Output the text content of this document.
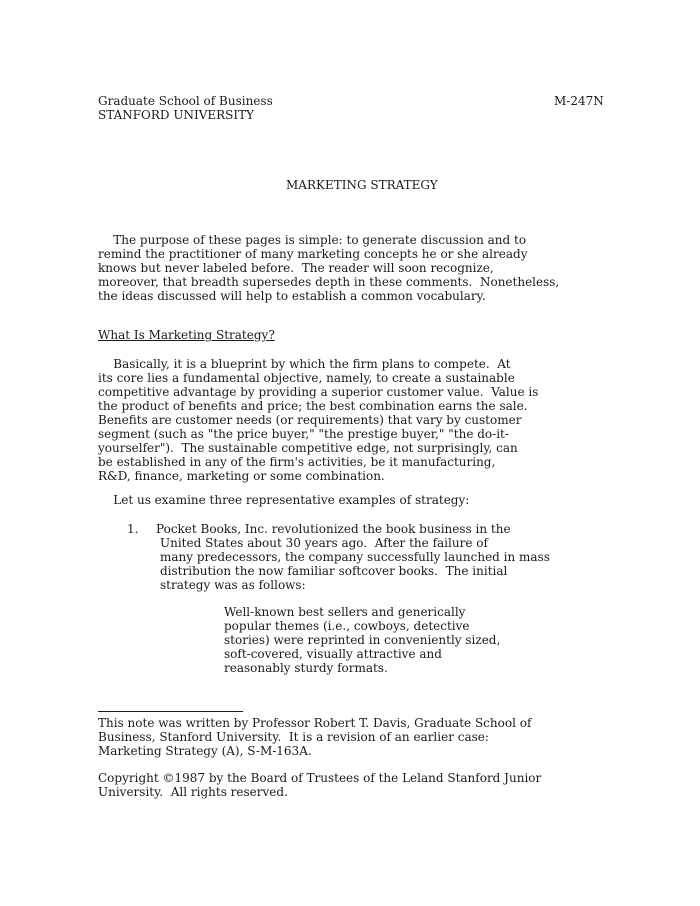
Graduate School of Business
STANFORD UNIVERSITY
M-247N
MARKETING STRATEGY
The purpose of these pages is simple: to generate discussion and to
remind the practitioner of many marketing concepts he or she already
knows but never labeled before.  The reader will soon recognize,
moreover, that breadth supersedes depth in these comments.  Nonetheless,
the ideas discussed will help to establish a common vocabulary.
What Is Marketing Strategy?
Basically, it is a blueprint by which the firm plans to compete.  At
its core lies a fundamental objective, namely, to create a sustainable
competitive advantage by providing a superior customer value.  Value is
the product of benefits and price; the best combination earns the sale.
Benefits are customer needs (or requirements) that vary by customer
segment (such as "the price buyer," "the prestige buyer," "the do-it-
yourselfer").  The sustainable competitive edge, not surprisingly, can
be established in any of the firm's activities, be it manufacturing,
R&D, finance, marketing or some combination.
Let us examine three representative examples of strategy:
1. Pocket Books, Inc. revolutionized the book business in the
United States about 30 years ago.  After the failure of
many predecessors, the company successfully launched in mass
distribution the now familiar softcover books.  The initial
strategy was as follows:
Well-known best sellers and generically
popular themes (i.e., cowboys, detective
stories) were reprinted in conveniently sized,
soft-covered, visually attractive and
reasonably sturdy formats.
This note was written by Professor Robert T. Davis, Graduate School of
Business, Stanford University.  It is a revision of an earlier case:
Marketing Strategy (A), S-M-163A.
Copyright ©1987 by the Board of Trustees of the Leland Stanford Junior
University.  All rights reserved.
